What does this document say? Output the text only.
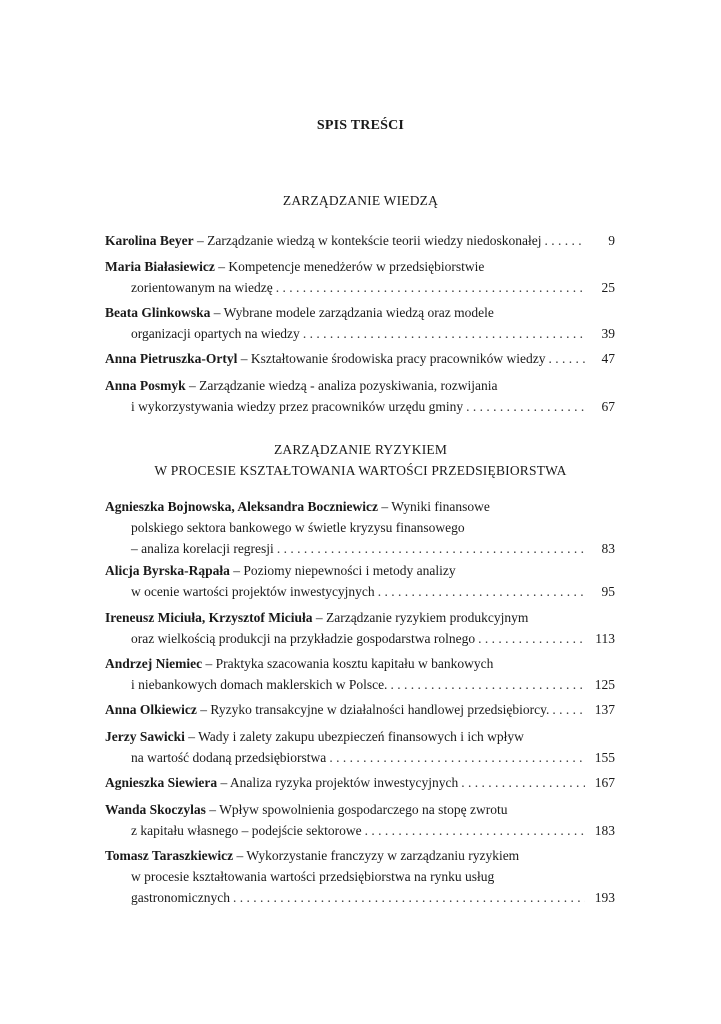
SPIS TREŚCI
ZARZĄDZANIE WIEDZĄ
Karolina Beyer – Zarządzanie wiedzą w kontekście teorii wiedzy niedoskonałej . . .	9
Maria Białasiewicz – Kompetencje menedżerów w przedsiębiorstwie
zorientowanym na wiedzę . . .	25
Beata Glinkowska – Wybrane modele zarządzania wiedzą oraz modele
organizacji opartych na wiedzy . . .	39
Anna Pietruszka-Ortyl – Kształtowanie środowiska pracy pracowników wiedzy . . .	47
Anna Posmyk – Zarządzanie wiedzą - analiza pozyskiwania, rozwijania
i wykorzystywania wiedzy przez pracowników urzędu gminy . . .	67
ZARZĄDZANIE RYZYKIEM
W PROCESIE KSZTAŁTOWANIA WARTOŚCI PRZEDSIĘBIORSTWA
Agnieszka Bojnowska, Aleksandra Boczniewicz – Wyniki finansowe
polskiego sektora bankowego w świetle kryzysu finansowego
– analiza korelacji regresji . . .	83
Alicja Byrska-Rąpała – Poziomy niepewności i metody analizy
w ocenie wartości projektów inwestycyjnych . . .	95
Ireneusz Miciuła, Krzysztof Miciuła – Zarządzanie ryzykiem produkcyjnym
oraz wielkością produkcji na przykładzie gospodarstwa rolnego . . .	113
Andrzej Niemiec – Praktyka szacowania kosztu kapitału w bankowych
i niebankowych domach maklerskich w Polsce. . . .	125
Anna Olkiewicz – Ryzyko transakcyjne w działalności handlowej przedsiębiorcy. . . .	137
Jerzy Sawicki – Wady i zalety zakupu ubezpieczeń finansowych i ich wpływ
na wartość dodaną przedsiębiorstwa . . .	155
Agnieszka Siewiera – Analiza ryzyka projektów inwestycyjnych . . .	167
Wanda Skoczylas – Wpływ spowolnienia gospodarczego na stopę zwrotu
z kapitału własnego – podejście sektorowe . . .	183
Tomasz Taraszkiewicz – Wykorzystanie franczyzy w zarządzaniu ryzykiem
w procesie kształtowania wartości przedsiębiorstwa na rynku usług
gastronomicznych . . .	193
